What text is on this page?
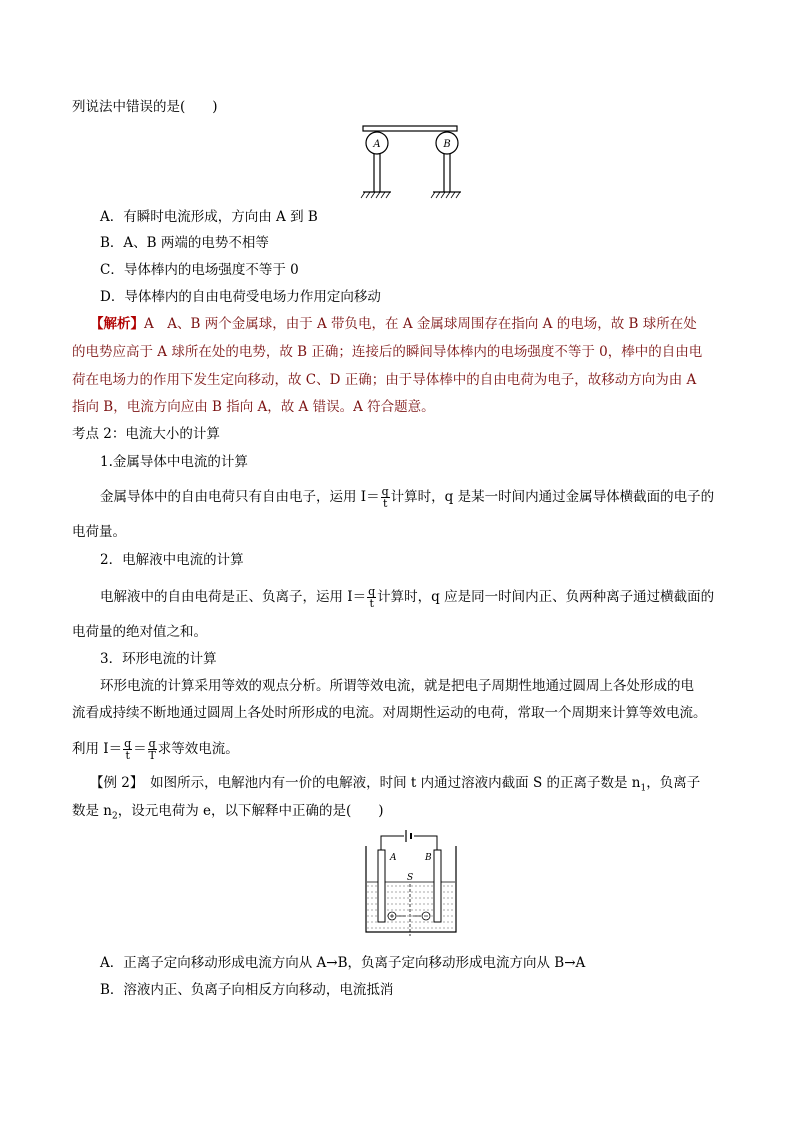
列说法中错误的是(　　)
A	B
A．有瞬时电流形成，方向由 A 到 B
B．A、B 两端的电势不相等
C．导体棒内的电场强度不等于 0
D．导体棒内的自由电荷受电场力作用定向移动
【解析】A　A、B 两个金属球，由于 A 带负电，在 A 金属球周围存在指向 A 的电场，故 B 球所在处
的电势应高于 A 球所在处的电势，故 B 正确；连接后的瞬间导体棒内的电场强度不等于 0，棒中的自由电
荷在电场力的作用下发生定向移动，故 C、D 正确；由于导体棒中的自由电荷为电子，故移动方向为由 A
指向 B，电流方向应由 B 指向 A，故 A 错误。A 符合题意。
考点 2：电流大小的计算
1.金属导体中电流的计算
金属导体中的自由电荷只有自由电子，运用 $I= \frac{q}{t}$ 计算时，q 是某一时间内通过金属导体横截面的电子的
电荷量。
2．电解液中电流的计算
电解液中的自由电荷是正、负离子，运用 $I= \frac{q}{t}$ 计算时，q 应是同一时间内正、负两种离子通过横截面的
电荷量的绝对值之和。
3．环形电流的计算
环形电流的计算采用等效的观点分析。所谓等效电流，就是把电子周期性地通过圆周上各处形成的电
流看成持续不断地通过圆周上各处时所形成的电流。对周期性运动的电荷，常取一个周期来计算等效电流。
利用 $I= \frac{q}{t} = \frac{q}{T}$ 求等效电流。
【例 2】　如图所示，电解池内有一价的电解液，时间 t 内通过溶液内截面 S 的正离子数是 $n_1$，负离子
数是 $n_2$，设元电荷为 e，以下解释中正确的是(　　)
A	B
S
A．正离子定向移动形成电流方向从 A→B，负离子定向移动形成电流方向从 B→A
B．溶液内正、负离子向相反方向移动，电流抵消
